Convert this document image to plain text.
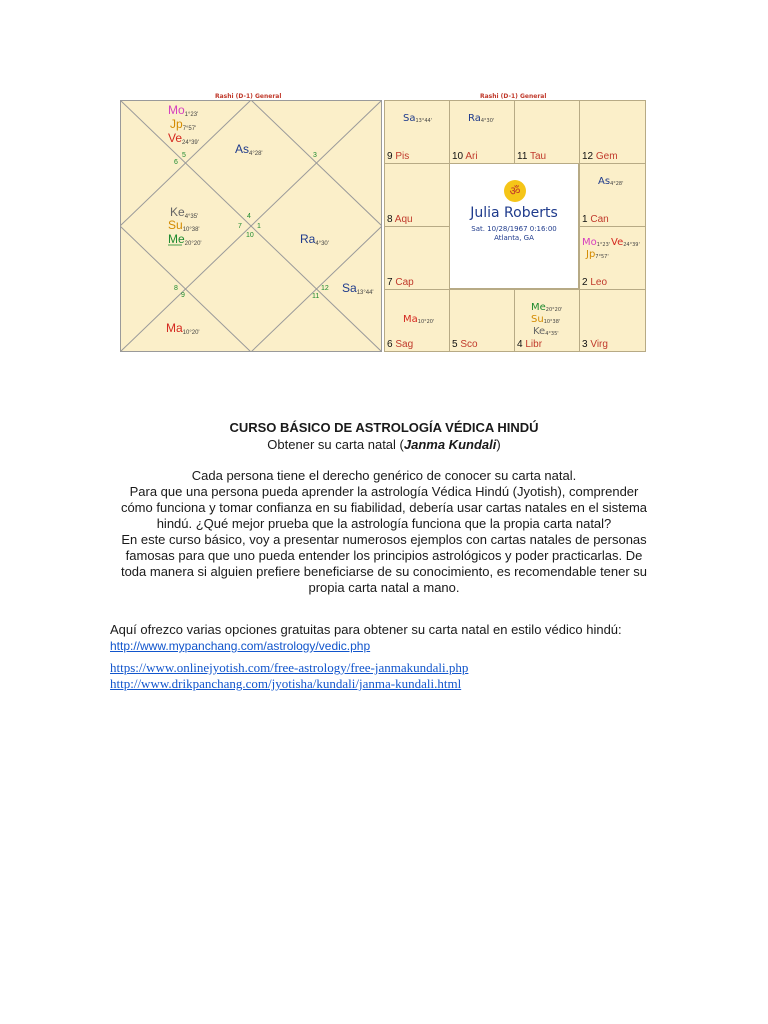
Rashi (D-1) General	Rashi (D-1) General
Mo1°23'
Jp7°57'
Ve24°39'	As4°28'
Ke4°35'
Su10°38'
Me20°20'	Ra4°30'
Sa13°44'
Ma10°20'
6
5	3
4
7 1
10
8	12
11
9
$Sa_{13^\circ 44'}$
9 Pis
$Ra_{4^\circ 30'}$
10 Ari	11 Tau	12 Gem
8 Aqu
$As_{4^\circ 28'}$
1 Can
7 Cap
$Mo_{1^\circ 23'}$ $Ve_{24^\circ 39'}$
$Jp_{7^\circ 57'}$
2 Leo
$Ma_{10^\circ 20'}$
6 Sag	5 Sco
$Me_{20^\circ 20'}$
$Su_{10^\circ 38'}$
$Ke_{4^\circ 35'}$
4 Libr	3 Virg
ॐ
Julia Roberts
Sat. 10/28/1967 0:16:00
Atlanta, GA
CURSO BÁSICO DE ASTROLOGÍA VÉDICA HINDÚ
Obtener su carta natal (Janma Kundali)

Cada persona tiene el derecho genérico de conocer su carta natal.

Para que una persona pueda aprender la astrología Védica Hindú (Jyotish), comprender

cómo funciona y tomar confianza en su fiabilidad, debería usar cartas natales en el sistema

hindú. ¿Qué mejor prueba que la astrología funciona que la propia carta natal?

En este curso básico, voy a presentar numerosos ejemplos con cartas natales de personas

famosas para que uno pueda entender los principios astrológicos y poder practicarlas. De

toda manera si alguien prefiere beneficiarse de su conocimiento, es recomendable tener su

propia carta natal a mano.

Aquí ofrezco varias opciones gratuitas para obtener su carta natal en estilo védico hindú:
http://www.mypanchang.com/astrology/vedic.php
https://www.onlinejyotish.com/free-astrology/free-janmakundali.php
http://www.drikpanchang.com/jyotisha/kundali/janma-kundali.html
